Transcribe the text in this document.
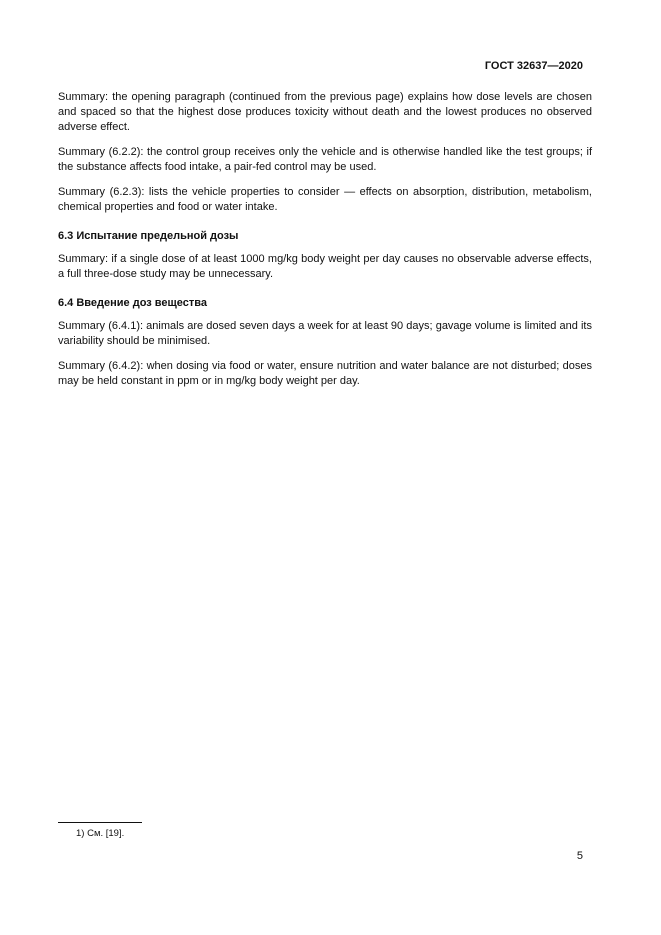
ГОСТ 32637—2020

Summary: the opening paragraph (continued from the previous page) explains how dose levels are chosen and spaced so that the highest dose produces toxicity without death and the lowest produces no observed adverse effect.

Summary (6.2.2): the control group receives only the vehicle and is otherwise handled like the test groups; if the substance affects food intake, a pair-fed control may be used.

Summary (6.2.3): lists the vehicle properties to consider — effects on absorption, distribution, metabolism, chemical properties and food or water intake.

6.3 Испытание предельной дозы

Summary: if a single dose of at least 1000 mg/kg body weight per day causes no observable adverse effects, a full three-dose study may be unnecessary.

6.4 Введение доз вещества

Summary (6.4.1): animals are dosed seven days a week for at least 90 days; gavage volume is limited and its variability should be minimised.

Summary (6.4.2): when dosing via food or water, ensure nutrition and water balance are not disturbed; doses may be held constant in ppm or in mg/kg body weight per day.

1) См. [19].
5
